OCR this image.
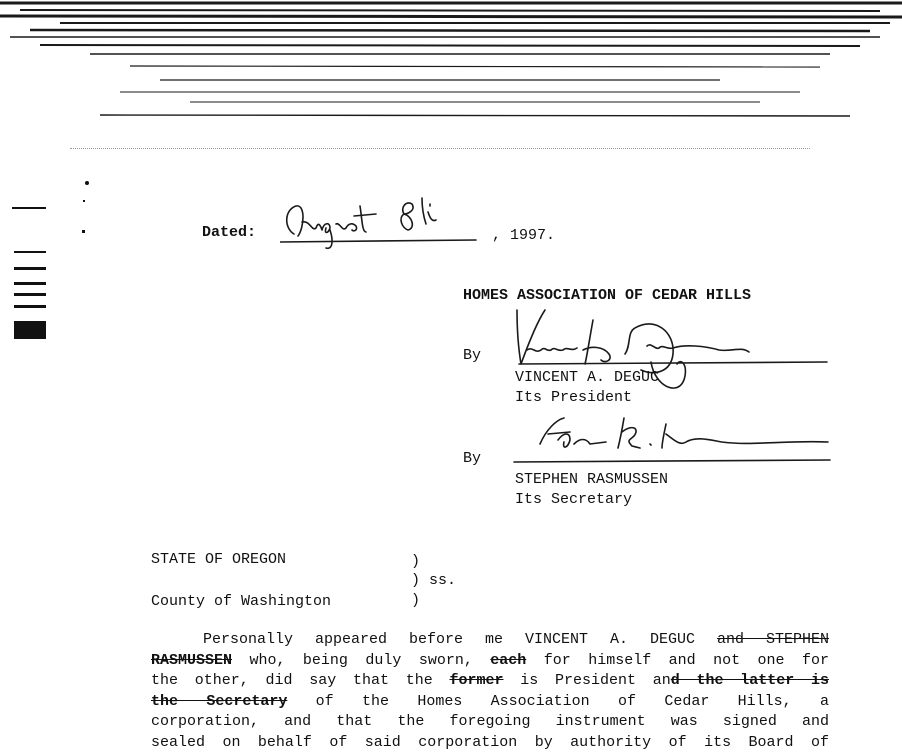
Dated:	, 1997.
HOMES ASSOCIATION OF CEDAR HILLS
By
VINCENT A. DEGUC
Its President
By
STEPHEN RASMUSSEN
Its Secretary
STATE OF OREGON	)
) ss.
County of Washington	)
Personally appeared before me VINCENT A. DEGUC and STEPHEN
RASMUSSEN who, being duly sworn, each for himself and not one for
the other, did say that the former is President and the latter is
the Secretary of the Homes Association of Cedar Hills, a
corporation, and that the foregoing instrument was signed and
sealed on behalf of said corporation by authority of its Board of
